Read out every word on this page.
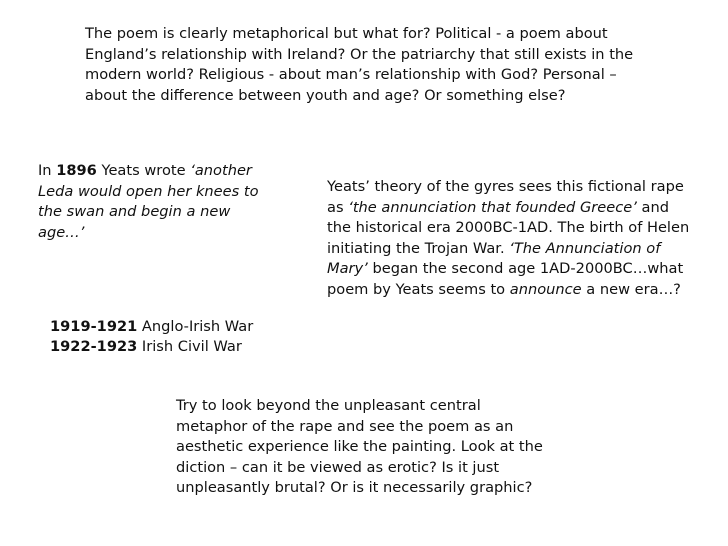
The poem is clearly metaphorical but what for? Political - a poem about

England’s relationship with Ireland? Or the patriarchy that still exists in the

modern world? Religious - about man’s relationship with God? Personal –

about the difference between youth and age? Or something else?

In 1896 Yeats wrote ‘another

Leda would open her knees to

the swan and begin a new

age…’

Yeats’ theory of the gyres sees this fictional rape

as ‘the annunciation that founded Greece’ and

the historical era 2000BC-1AD. The birth of Helen

initiating the Trojan War. ‘The Annunciation of

Mary’ began the second age 1AD-2000BC…what

poem by Yeats seems to announce a new era…?

1919-1921 Anglo-Irish War

1922-1923 Irish Civil War

Try to look beyond the unpleasant central

metaphor of the rape and see the poem as an

aesthetic experience like the painting. Look at the

diction – can it be viewed as erotic? Is it just

unpleasantly brutal? Or is it necessarily graphic?
